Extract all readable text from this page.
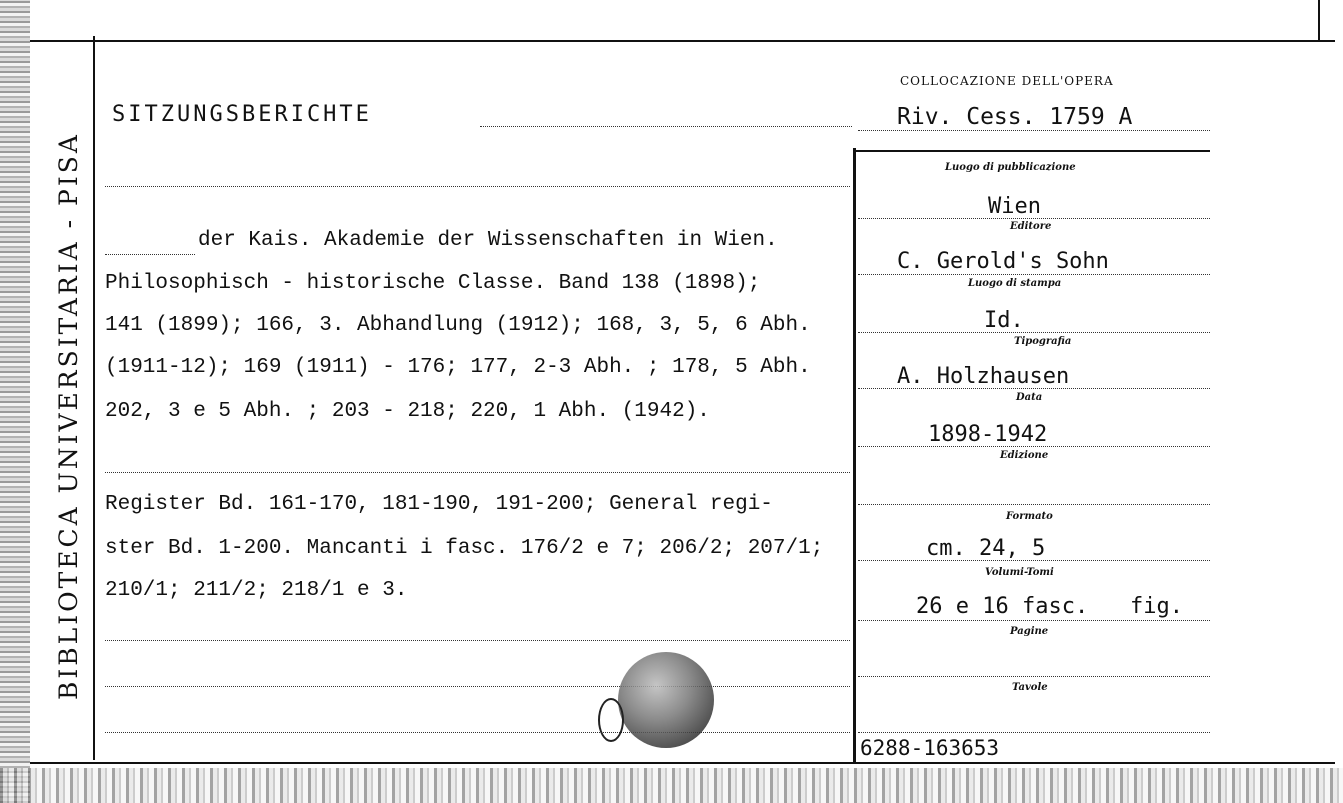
BIBLIOTECA UNIVERSITARIA - PISA
SITZUNGSBERICHTE
der Kais. Akademie der Wissenschaften in Wien.
Philosophisch - historische Classe. Band 138 (1898);
141 (1899); 166, 3. Abhandlung (1912); 168, 3, 5, 6 Abh.
(1911-12); 169 (1911) - 176; 177, 2-3 Abh. ; 178, 5 Abh.
202, 3 e 5 Abh. ; 203 - 218; 220, 1 Abh. (1942).
Register Bd. 161-170, 181-190, 191-200; General regi-
ster Bd. 1-200. Mancanti i fasc. 176/2 e 7; 206/2; 207/1;
210/1; 211/2; 218/1 e 3.
COLLOCAZIONE DELL'OPERA
Riv. Cess. 1759 A
Luogo di pubblicazione
Wien
Editore
C. Gerold's Sohn
Luogo di stampa
Id.
Tipografia
A. Holzhausen
Data
1898-1942
Edizione
Formato
cm. 24, 5
Volumi-Tomi
26 e 16 fasc. fig.
Pagine
Tavole
6288-163653
